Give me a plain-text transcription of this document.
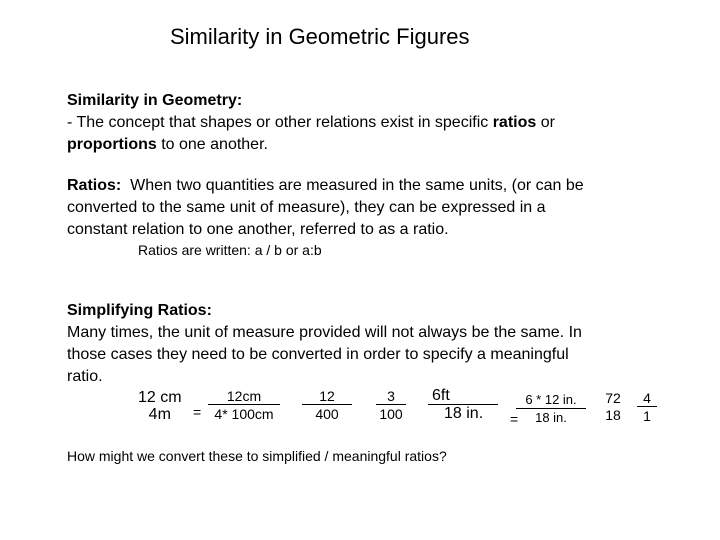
Similarity in Geometric Figures
Similarity in Geometry:
- The concept that shapes or other relations exist in specific ratios or
proportions to one another.
Ratios:  When two quantities are measured in the same units, (or can be
converted to the same unit of measure), they can be expressed in a
constant relation to one another, referred to as a ratio.
Ratios are written: a / b or a:b
Simplifying Ratios:
Many times, the unit of measure provided will not always be the same. In
those cases they need to be converted in order to specify a meaningful
ratio.
12 cm
4m	= $\frac{12cm}{4* 100cm} \frac{12}{400} \frac{3}{100} \frac{6ft}{18 in.}$ =
$\frac{6 * 12 in.}{18 in.}$	72
18	$\frac{4}{1}$
How might we convert these to simplified / meaningful ratios?
